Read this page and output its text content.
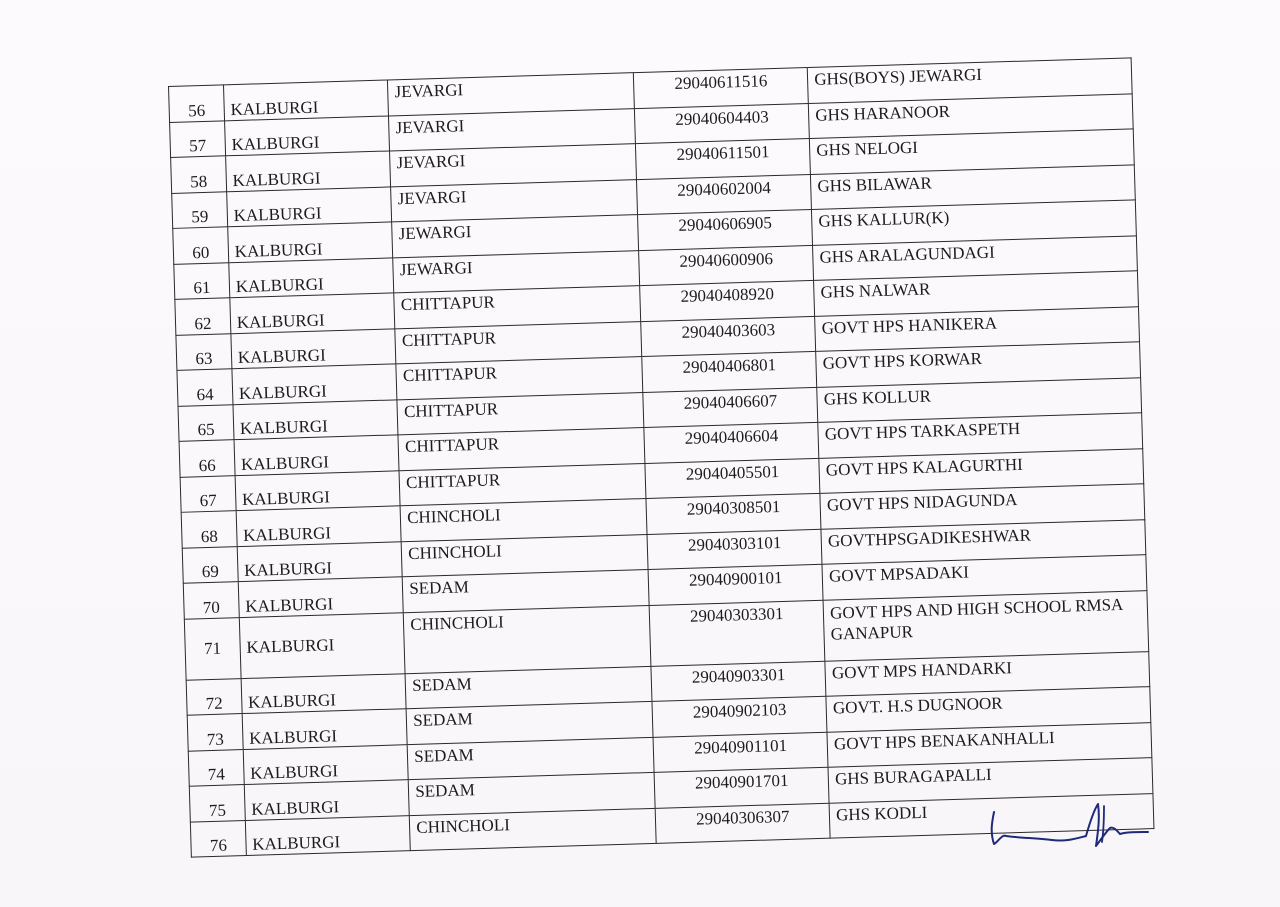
56	KALBURGI	JEVARGI	29040611516	GHS(BOYS) JEWARGI
57	KALBURGI	JEVARGI	29040604403	GHS HARANOOR
58	KALBURGI	JEVARGI	29040611501	GHS NELOGI
59	KALBURGI	JEVARGI	29040602004	GHS BILAWAR
60	KALBURGI	JEWARGI	29040606905	GHS KALLUR(K)
61	KALBURGI	JEWARGI	29040600906	GHS ARALAGUNDAGI
62	KALBURGI	CHITTAPUR	29040408920	GHS NALWAR
63	KALBURGI	CHITTAPUR	29040403603	GOVT HPS HANIKERA
64	KALBURGI	CHITTAPUR	29040406801	GOVT HPS KORWAR
65	KALBURGI	CHITTAPUR	29040406607	GHS KOLLUR
66	KALBURGI	CHITTAPUR	29040406604	GOVT HPS TARKASPETH
67	KALBURGI	CHITTAPUR	29040405501	GOVT HPS KALAGURTHI
68	KALBURGI	CHINCHOLI	29040308501	GOVT HPS NIDAGUNDA
69	KALBURGI	CHINCHOLI	29040303101	GOVTHPSGADIKESHWAR
70	KALBURGI	SEDAM	29040900101	GOVT MPSADAKI
71	KALBURGI	CHINCHOLI	29040303301	GOVT HPS AND HIGH SCHOOL RMSA GANAPUR
72	KALBURGI	SEDAM	29040903301	GOVT MPS HANDARKI
73	KALBURGI	SEDAM	29040902103	GOVT. H.S DUGNOOR
74	KALBURGI	SEDAM	29040901101	GOVT HPS BENAKANHALLI
75	KALBURGI	SEDAM	29040901701	GHS BURAGAPALLI
76	KALBURGI	CHINCHOLI	29040306307	GHS KODLI
